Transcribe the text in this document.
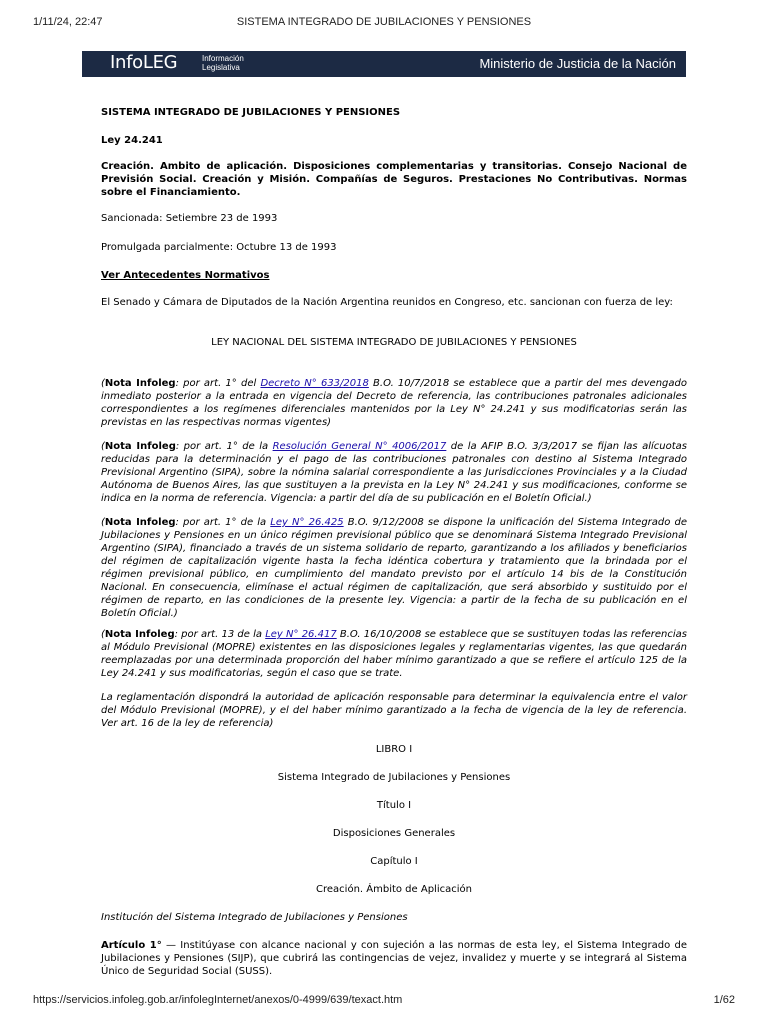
1/11/24, 22:47	SISTEMA INTEGRADO DE JUBILACIONES Y PENSIONES
InfoLEG	Información
Legislativa	Ministerio de Justicia de la Nación

SISTEMA INTEGRADO DE JUBILACIONES Y PENSIONES

Ley 24.241

Creación. Ambito de aplicación. Disposiciones complementarias y transitorias. Consejo Nacional de Previsión Social. Creación y Misión. Compañías de Seguros. Prestaciones No Contributivas. Normas sobre el Financiamiento.

Sancionada: Setiembre 23 de 1993

Promulgada parcialmente: Octubre 13 de 1993

Ver Antecedentes Normativos

El Senado y Cámara de Diputados de la Nación Argentina reunidos en Congreso, etc. sancionan con fuerza de ley:

LEY NACIONAL DEL SISTEMA INTEGRADO DE JUBILACIONES Y PENSIONES

(Nota Infoleg: por art. 1° del Decreto N° 633/2018 B.O. 10/7/2018 se establece que a partir del mes devengado inmediato posterior a la entrada en vigencia del Decreto de referencia, las contribuciones patronales adicionales correspondientes a los regímenes diferenciales mantenidos por la Ley N° 24.241 y sus modificatorias serán las previstas en las respectivas normas vigentes)

(Nota Infoleg: por art. 1° de la Resolución General N° 4006/2017 de la AFIP B.O. 3/3/2017 se fijan las alícuotas reducidas para la determinación y el pago de las contribuciones patronales con destino al Sistema Integrado Previsional Argentino (SIPA), sobre la nómina salarial correspondiente a las Jurisdicciones Provinciales y a la Ciudad Autónoma de Buenos Aires, las que sustituyen a la prevista en la Ley N° 24.241 y sus modificaciones, conforme se indica en la norma de referencia. Vigencia: a partir del día de su publicación en el Boletín Oficial.)

(Nota Infoleg: por art. 1° de la Ley N° 26.425 B.O. 9/12/2008 se dispone la unificación del Sistema Integrado de Jubilaciones y Pensiones en un único régimen previsional público que se denominará Sistema Integrado Previsional Argentino (SIPA), financiado a través de un sistema solidario de reparto, garantizando a los afiliados y beneficiarios del régimen de capitalización vigente hasta la fecha idéntica cobertura y tratamiento que la brindada por el régimen previsional público, en cumplimiento del mandato previsto por el artículo 14 bis de la Constitución Nacional. En consecuencia, elimínase el actual régimen de capitalización, que será absorbido y sustituido por el régimen de reparto, en las condiciones de la presente ley. Vigencia: a partir de la fecha de su publicación en el Boletín Oficial.)

(Nota Infoleg: por art. 13 de la Ley N° 26.417 B.O. 16/10/2008 se establece que se sustituyen todas las referencias al Módulo Previsional (MOPRE) existentes en las disposiciones legales y reglamentarias vigentes, las que quedarán reemplazadas por una determinada proporción del haber mínimo garantizado a que se refiere el artículo 125 de la Ley 24.241 y sus modificatorias, según el caso que se trate.

La reglamentación dispondrá la autoridad de aplicación responsable para determinar la equivalencia entre el valor del Módulo Previsional (MOPRE), y el del haber mínimo garantizado a la fecha de vigencia de la ley de referencia. Ver art. 16 de la ley de referencia)

LIBRO I

Sistema Integrado de Jubilaciones y Pensiones

Título I

Disposiciones Generales

Capítulo I

Creación. Ámbito de Aplicación

Institución del Sistema Integrado de Jubilaciones y Pensiones

Artículo 1° — Institúyase con alcance nacional y con sujeción a las normas de esta ley, el Sistema Integrado de Jubilaciones y Pensiones (SIJP), que cubrirá las contingencias de vejez, invalidez y muerte y se integrará al Sistema Único de Seguridad Social (SUSS).

https://servicios.infoleg.gob.ar/infolegInternet/anexos/0-4999/639/texact.htm	1/62
